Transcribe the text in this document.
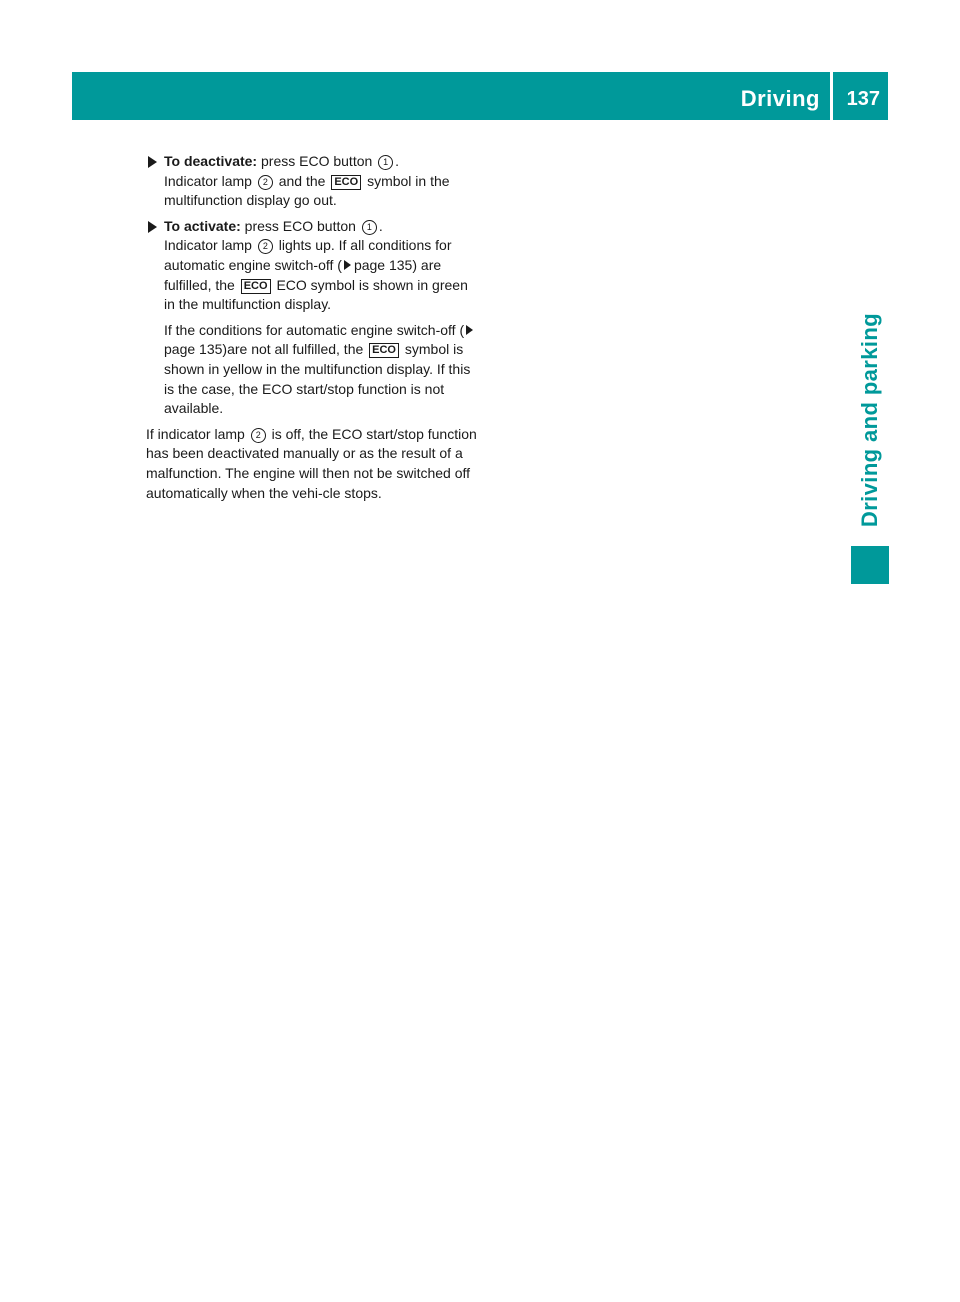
Driving 137
Driving and parking

To deactivate: press ECO button 1 .
Indicator lamp 2 and the ECO symbol in the multifunction display go out.

To activate: press ECO button 1 .
Indicator lamp 2 lights up. If all conditions for automatic engine switch-off ( page 135) are fulfilled, the ECO ECO symbol is shown in green in the multifunction display.

If the conditions for automatic engine switch-off (page 135)are not all fulfilled, the ECO symbol is shown in yellow in the multifunction display. If this is the case, the ECO start/stop function is not available.

If indicator lamp 2 is off, the ECO start/stop function has been deactivated manually or as the result of a malfunction. The engine will then not be switched off automatically when the vehi-cle stops.
